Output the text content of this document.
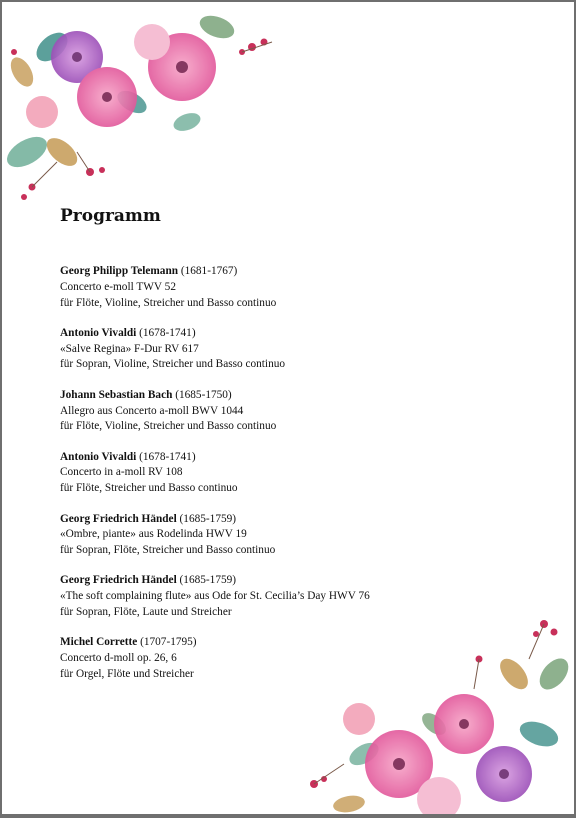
Programm
Georg Philipp Telemann (1681-1767)
Concerto e-moll TWV 52
für Flöte, Violine, Streicher und Basso continuo
Antonio Vivaldi (1678-1741)
«Salve Regina» F-Dur RV 617
für Sopran, Violine, Streicher und Basso continuo
Johann Sebastian Bach (1685-1750)
Allegro aus Concerto a-moll BWV 1044
für Flöte, Violine, Streicher und Basso continuo
Antonio Vivaldi (1678-1741)
Concerto in a-moll RV 108
für Flöte, Streicher und Basso continuo
Georg Friedrich Händel (1685-1759)
«Ombre, piante» aus Rodelinda HWV 19
für Sopran, Flöte, Streicher und Basso continuo
Georg Friedrich Händel (1685-1759)
«The soft complaining flute» aus Ode for St. Cecilia’s Day HWV 76
für Sopran, Flöte, Laute und Streicher
Michel Corrette (1707-1795)
Concerto d-moll op. 26, 6
für Orgel, Flöte und Streicher
